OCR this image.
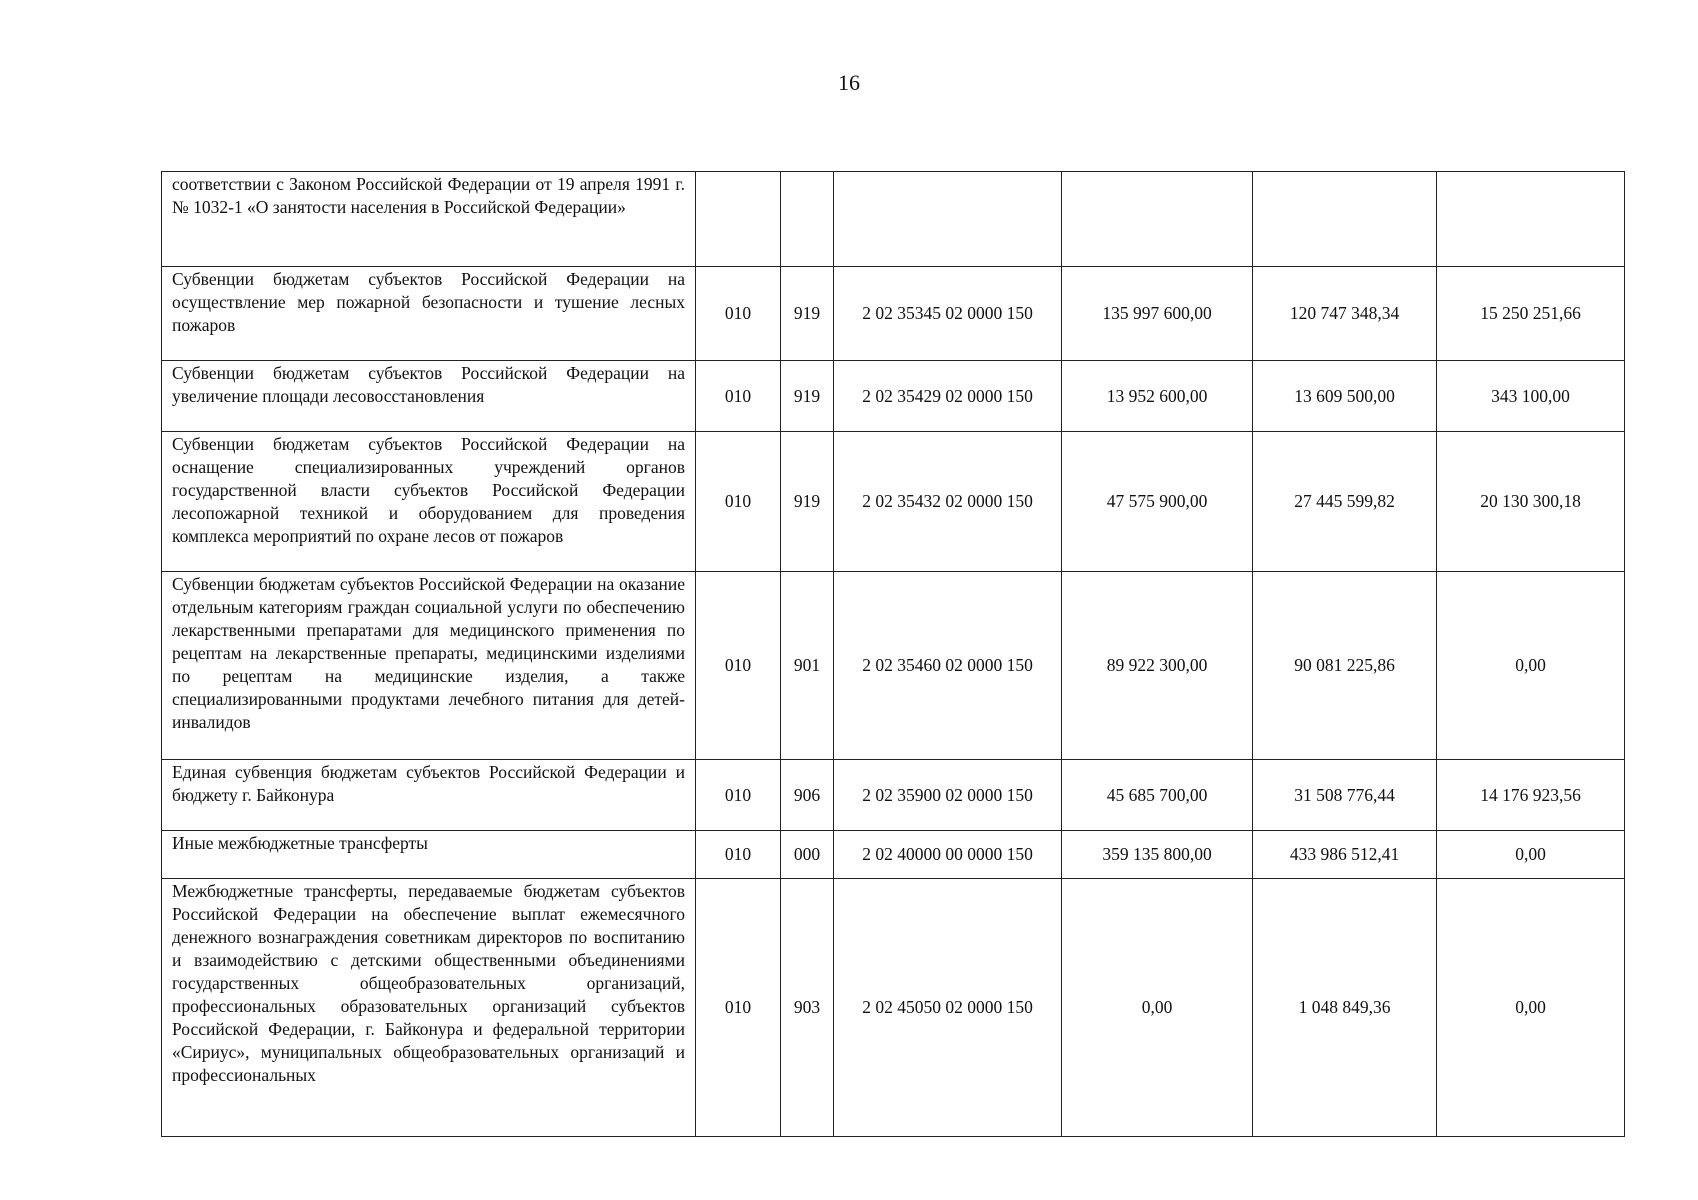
16
соответствии с Законом Российской Федерации от 19 апреля 1991 г. № 1032-1 «О занятости населения в Российской Федерации»						
Субвенции бюджетам субъектов Российской Федерации на осуществление мер пожарной безопасности и тушение лесных пожаров	010	919	2 02 35345 02 0000 150	135 997 600,00	120 747 348,34	15 250 251,66
Субвенции бюджетам субъектов Российской Федерации на увеличение площади лесовосстановления	010	919	2 02 35429 02 0000 150	13 952 600,00	13 609 500,00	343 100,00
Субвенции бюджетам субъектов Российской Федерации на оснащение специализированных учреждений органов государственной власти субъектов Российской Федерации лесопожарной техникой и оборудованием для проведения комплекса мероприятий по охране лесов от пожаров	010	919	2 02 35432 02 0000 150	47 575 900,00	27 445 599,82	20 130 300,18
Субвенции бюджетам субъектов Российской Федерации на оказание отдельным категориям граждан социальной услуги по обеспечению лекарственными препаратами для медицинского применения по рецептам на лекарственные препараты, медицинскими изделиями по рецептам на медицинские изделия, а также специализированными продуктами лечебного питания для детей-инвалидов	010	901	2 02 35460 02 0000 150	89 922 300,00	90 081 225,86	0,00
Единая субвенция бюджетам субъектов Российской Федерации и бюджету г. Байконура	010	906	2 02 35900 02 0000 150	45 685 700,00	31 508 776,44	14 176 923,56
Иные межбюджетные трансферты	010	000	2 02 40000 00 0000 150	359 135 800,00	433 986 512,41	0,00
Межбюджетные трансферты, передаваемые бюджетам субъектов Российской Федерации на обеспечение выплат ежемесячного денежного вознаграждения советникам директоров по воспитанию и взаимодействию с детскими общественными объединениями государственных общеобразовательных организаций, профессиональных образовательных организаций субъектов Российской Федерации, г. Байконура и федеральной территории «Сириус», муниципальных общеобразовательных организаций и профессиональных	010	903	2 02 45050 02 0000 150	0,00	1 048 849,36	0,00
